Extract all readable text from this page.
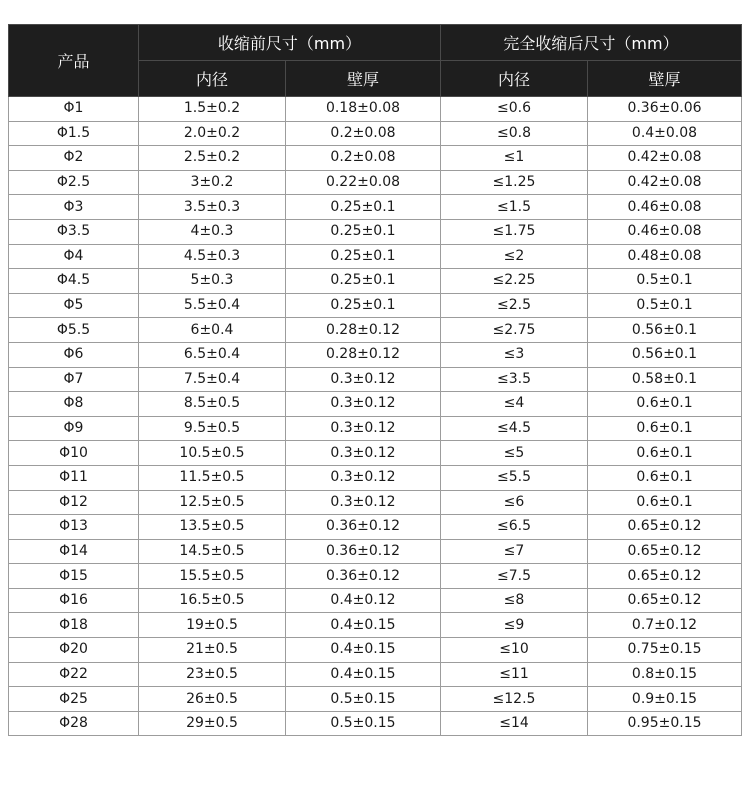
产品	收缩前尺寸（mm）		完全收缩后尺寸（mm）	
	内径	壁厚	内径	壁厚
Φ1	1.5±0.2	0.18±0.08	≤0.6	0.36±0.06
Φ1.5	2.0±0.2	0.2±0.08	≤0.8	0.4±0.08
Φ2	2.5±0.2	0.2±0.08	≤1	0.42±0.08
Φ2.5	3±0.2	0.22±0.08	≤1.25	0.42±0.08
Φ3	3.5±0.3	0.25±0.1	≤1.5	0.46±0.08
Φ3.5	4±0.3	0.25±0.1	≤1.75	0.46±0.08
Φ4	4.5±0.3	0.25±0.1	≤2	0.48±0.08
Φ4.5	5±0.3	0.25±0.1	≤2.25	0.5±0.1
Φ5	5.5±0.4	0.25±0.1	≤2.5	0.5±0.1
Φ5.5	6±0.4	0.28±0.12	≤2.75	0.56±0.1
Φ6	6.5±0.4	0.28±0.12	≤3	0.56±0.1
Φ7	7.5±0.4	0.3±0.12	≤3.5	0.58±0.1
Φ8	8.5±0.5	0.3±0.12	≤4	0.6±0.1
Φ9	9.5±0.5	0.3±0.12	≤4.5	0.6±0.1
Φ10	10.5±0.5	0.3±0.12	≤5	0.6±0.1
Φ11	11.5±0.5	0.3±0.12	≤5.5	0.6±0.1
Φ12	12.5±0.5	0.3±0.12	≤6	0.6±0.1
Φ13	13.5±0.5	0.36±0.12	≤6.5	0.65±0.12
Φ14	14.5±0.5	0.36±0.12	≤7	0.65±0.12
Φ15	15.5±0.5	0.36±0.12	≤7.5	0.65±0.12
Φ16	16.5±0.5	0.4±0.12	≤8	0.65±0.12
Φ18	19±0.5	0.4±0.15	≤9	0.7±0.12
Φ20	21±0.5	0.4±0.15	≤10	0.75±0.15
Φ22	23±0.5	0.4±0.15	≤11	0.8±0.15
Φ25	26±0.5	0.5±0.15	≤12.5	0.9±0.15
Φ28	29±0.5	0.5±0.15	≤14	0.95±0.15
